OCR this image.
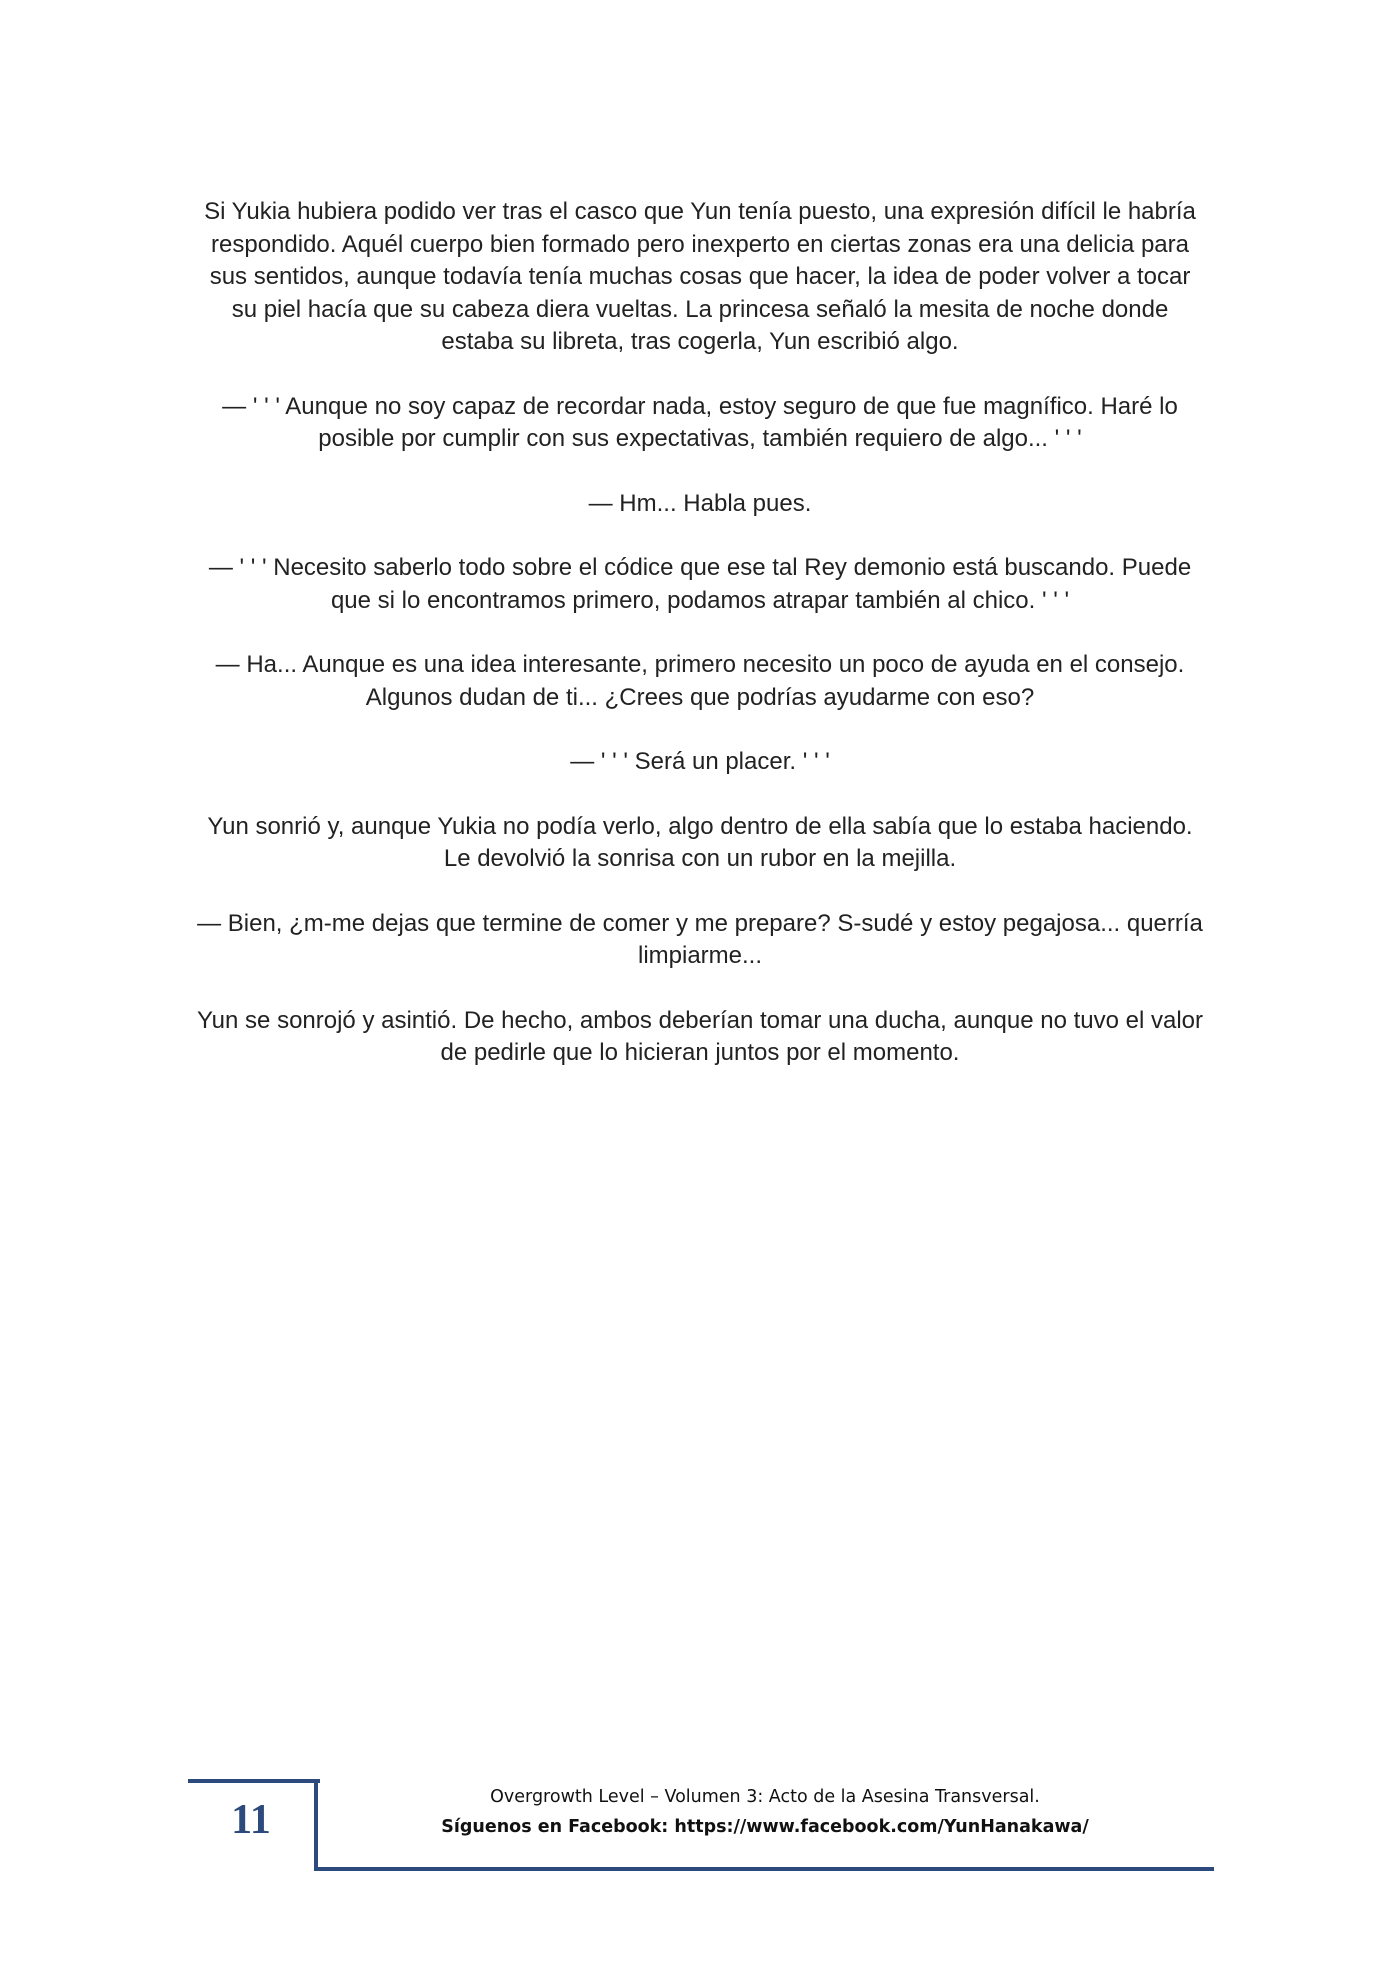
Si Yukia hubiera podido ver tras el casco que Yun tenía puesto, una expresión difícil le habría respondido. Aquél cuerpo bien formado pero inexperto en ciertas zonas era una delicia para sus sentidos, aunque todavía tenía muchas cosas que hacer, la idea de poder volver a tocar su piel hacía que su cabeza diera vueltas. La princesa señaló la mesita de noche donde estaba su libreta, tras cogerla, Yun escribió algo.

— ' ' ' Aunque no soy capaz de recordar nada, estoy seguro de que fue magnífico. Haré lo posible por cumplir con sus expectativas, también requiero de algo... ' ' '

— Hm... Habla pues.

— ' ' ' Necesito saberlo todo sobre el códice que ese tal Rey demonio está buscando. Puede que si lo encontramos primero, podamos atrapar también al chico. ' ' '

— Ha... Aunque es una idea interesante, primero necesito un poco de ayuda en el consejo. Algunos dudan de ti... ¿Crees que podrías ayudarme con eso?

— ' ' ' Será un placer. ' ' '

Yun sonrió y, aunque Yukia no podía verlo, algo dentro de ella sabía que lo estaba haciendo. Le devolvió la sonrisa con un rubor en la mejilla.

— Bien, ¿m-me dejas que termine de comer y me prepare? S-sudé y estoy pegajosa... querría limpiarme...

Yun se sonrojó y asintió. De hecho, ambos deberían tomar una ducha, aunque no tuvo el valor de pedirle que lo hicieran juntos por el momento.

11	Overgrowth Level – Volumen 3: Acto de la Asesina Transversal.
Síguenos en Facebook: https://www.facebook.com/YunHanakawa/
